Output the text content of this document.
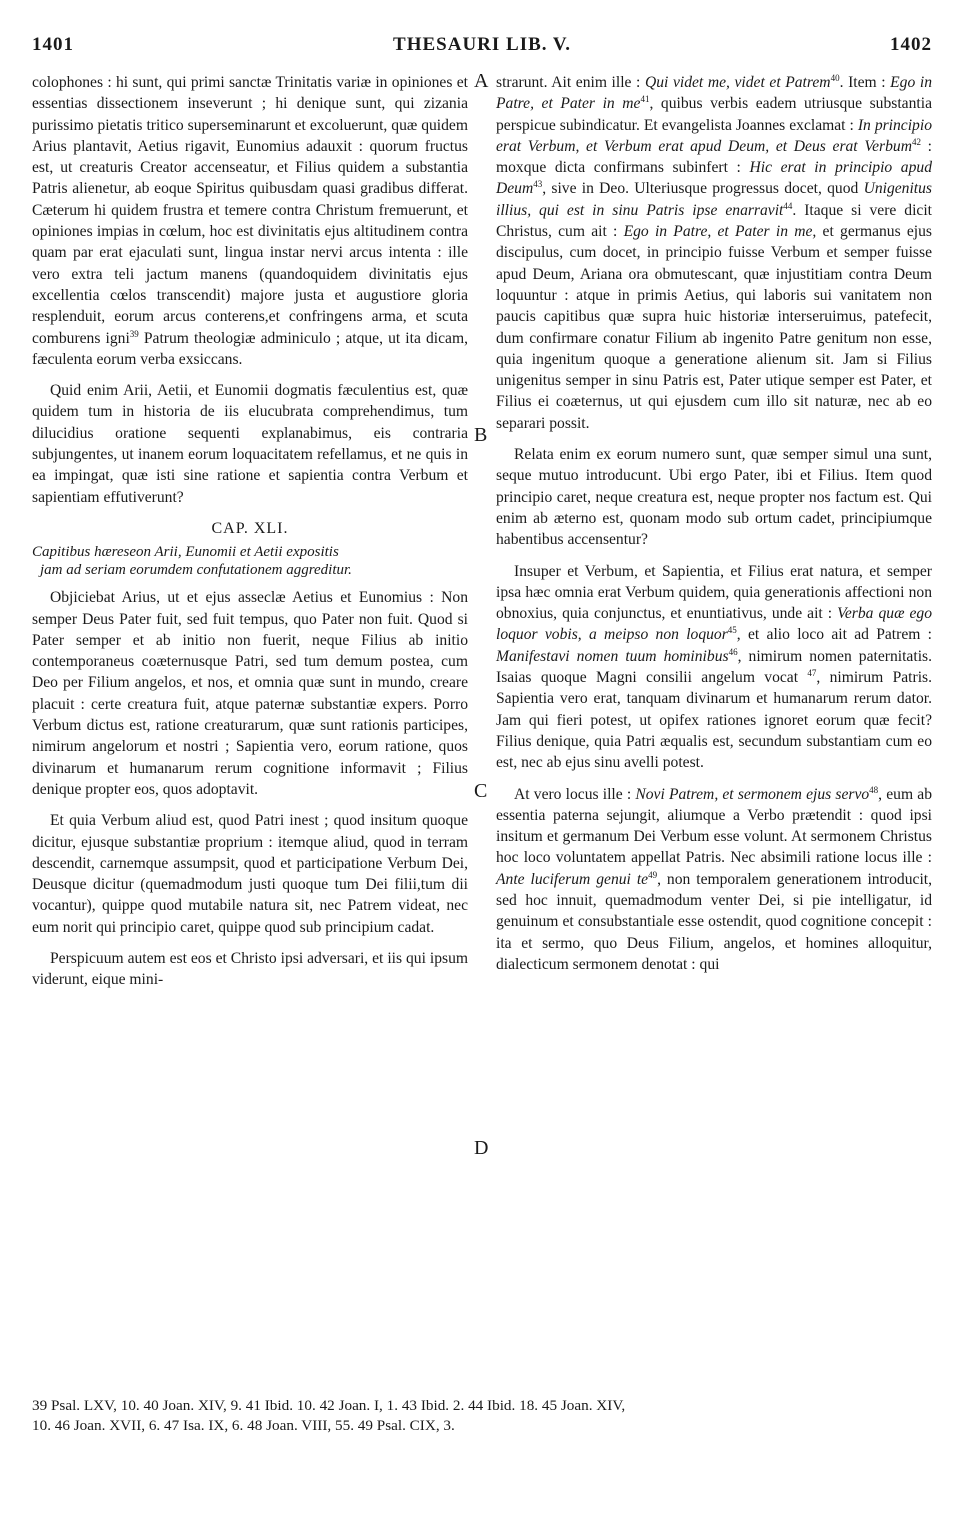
1401	THESAURI LIB. V.	1402
A
B
C
D

colophones : hi sunt, qui primi sanctæ Trinitatis variæ in opiniones et essentias dissectionem inseverunt ; hi denique sunt, qui zizania purissimo pietatis tritico superseminarunt et excoluerunt, quæ quidem Arius plantavit, Aetius rigavit, Eunomius adauxit : quorum fructus est, ut creaturis Creator accenseatur, et Filius quidem a substantia Patris alienetur, ab eoque Spiritus quibusdam quasi gradibus differat. Cæterum hi quidem frustra et temere contra Christum fremuerunt, et opiniones impias in cœlum, hoc est divinitatis ejus altitudinem contra quam par erat ejaculati sunt, lingua instar nervi arcus intenta : ille vero extra teli jactum manens (quandoquidem divinitatis ejus excellentia cœlos transcendit) majore justa et augustiore gloria resplenduit, eorum arcus conterens,et confringens arma, et scuta comburens igni$^{39}$ Patrum theologiæ adminiculo ; atque, ut ita dicam, fæculenta eorum verba exsiccans.

Quid enim Arii, Aetii, et Eunomii dogmatis fæculentius est, quæ quidem tum in historia de iis elucubrata comprehendimus, tum dilucidius oratione sequenti explanabimus, eis contraria subjungentes, ut inanem eorum loquacitatem refellamus, et ne quis in ea impingat, quæ isti sine ratione et sapientia contra Verbum et sapientiam effutiverunt?

CAP. XLI.
Capitibus hæreseon Arii, Eunomii et Aetii expositis
jam ad seriam eorumdem confutationem aggreditur.

Objiciebat Arius, ut et ejus asseclæ Aetius et Eunomius : Non semper Deus Pater fuit, sed fuit tempus, quo Pater non fuit. Quod si Pater semper et ab initio non fuerit, neque Filius ab initio contemporaneus coæternusque Patri, sed tum demum postea, cum Deo per Filium angelos, et nos, et omnia quæ sunt in mundo, creare placuit : certe creatura fuit, atque paternæ substantiæ expers. Porro Verbum dictus est, ratione creaturarum, quæ sunt rationis participes, nimirum angelorum et nostri ; Sapientia vero, eorum ratione, quos divinarum et humanarum rerum cognitione informavit ; Filius denique propter eos, quos adoptavit.

Et quia Verbum aliud est, quod Patri inest ; quod insitum quoque dicitur, ejusque substantiæ proprium : itemque aliud, quod in terram descendit, carnemque assumpsit, quod et participatione Verbum Dei, Deusque dicitur (quemadmodum justi quoque tum Dei filii,tum dii vocantur), quippe quod mutabile natura sit, nec Patrem videat, nec eum norit qui principio caret, quippe quod sub principium cadat.

Perspicuum autem est eos et Christo ipsi adversari, et iis qui ipsum viderunt, eique mini-

strarunt. Ait enim ille : Qui videt me, videt et Patrem$^{40}$. Item : Ego in Patre, et Pater in $me^{41}$, quibus verbis eadem utriusque substantia perspicue subindicatur. Et evangelista Joannes exclamat : In principio erat Verbum, et Verbum erat apud Deum, et Deus erat Verbum$^{42}$ : moxque dicta confirmans subinfert : Hic erat in principio apud Deum$^{43}$, sive in Deo. Ulteriusque progressus docet, quod Unigenitus illius, qui est in sinu Patris ipse enarravit$^{44}$. Itaque si vere dicit Christus, cum ait : Ego in Patre, et Pater in me, et germanus ejus discipulus, cum docet, in principio fuisse Verbum et semper fuisse apud Deum, Ariana ora obmutescant, quæ injustitiam contra Deum loquuntur : atque in primis Aetius, qui laboris sui vanitatem non paucis capitibus quæ supra huic historiæ interseruimus, patefecit, dum confirmare conatur Filium ab ingenito Patre genitum non esse, quia ingenitum quoque a generatione alienum sit. Jam si Filius unigenitus semper in sinu Patris est, Pater utique semper est Pater, et Filius ei coæternus, ut qui ejusdem cum illo sit naturæ, nec ab eo separari possit.

Relata enim ex eorum numero sunt, quæ semper simul una sunt, seque mutuo introducunt. Ubi ergo Pater, ibi et Filius. Item quod principio caret, neque creatura est, neque propter nos factum est. Qui enim ab æterno est, quonam modo sub ortum cadet, principiumque habentibus accensentur?

Insuper et Verbum, et Sapientia, et Filius erat natura, et semper ipsa hæc omnia erat Verbum quidem, quia generationis affectioni non obnoxius, quia conjunctus, et enuntiativus, unde ait : Verba quæ ego loquor vobis, a meipso non loquor$^{45}$, et alio loco ait ad Patrem : Manifestavi nomen tuum hominibus$^{46}$, nimirum nomen paternitatis. Isaias quoque Magni consilii angelum vocat $^{47}$, nimirum Patris. Sapientia vero erat, tanquam divinarum et humanarum rerum dator. Jam qui fieri potest, ut opifex rationes ignoret eorum quæ fecit? Filius denique, quia Patri æqualis est, secundum substantiam cum eo est, nec ab ejus sinu avelli potest.

At vero locus ille : Novi Patrem, et sermonem ejus servo$^{48}$, eum ab essentia paterna sejungit, aliumque a Verbo prætendit : quod ipsi insitum et germanum Dei Verbum esse volunt. At sermonem Christus hoc loco voluntatem appellat Patris. Nec absimili ratione locus ille : Ante luciferum genui $te^{49}$, non temporalem generationem introducit, sed hoc innuit, quemadmodum venter Dei, si pie intelligatur, id genuinum et consubstantiale esse ostendit, quod cognitione concepit : ita et sermo, quo Deus Filium, angelos, et homines alloquitur, dialecticum sermonem denotat : qui

39 Psal. LXV, 10. 40 Joan. XIV, 9. 41 Ibid. 10. 42 Joan. I, 1. 43 Ibid. 2. 44 Ibid. 18. 45 Joan. XIV,
10. 46 Joan. XVII, 6. 47 Isa. IX, 6. 48 Joan. VIII, 55. 49 Psal. CIX, 3.
